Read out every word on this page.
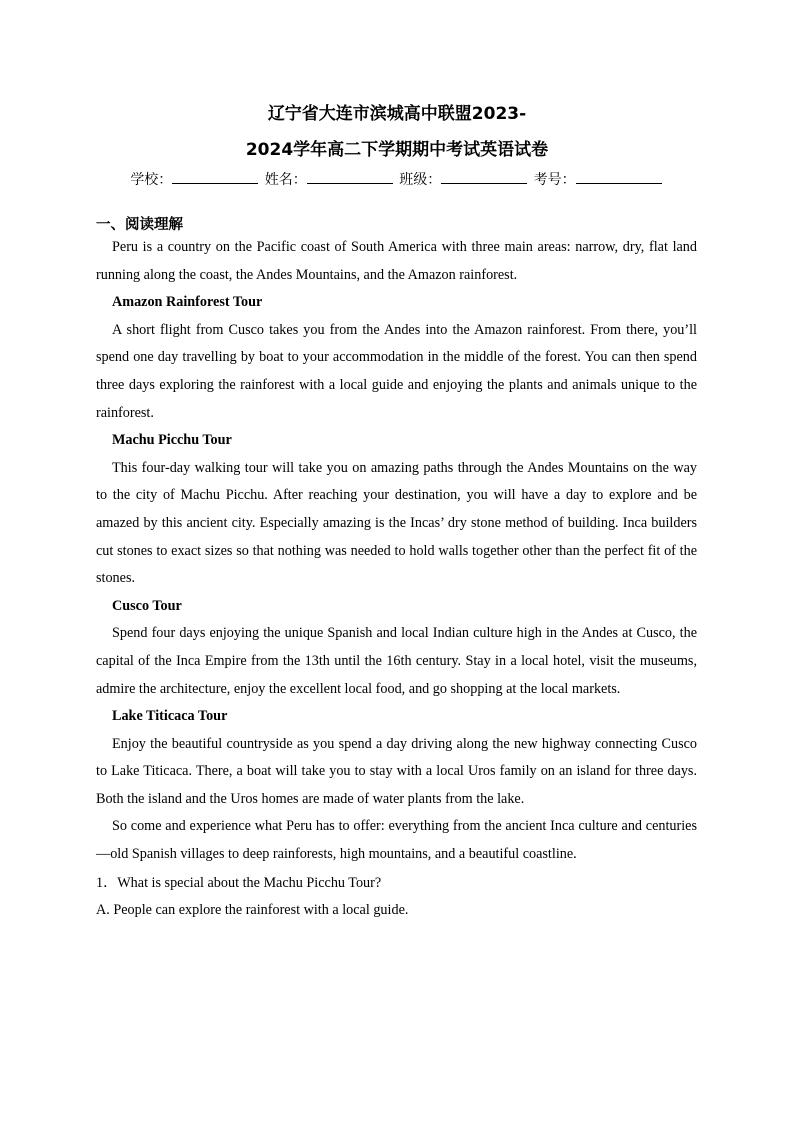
辽宁省大连市滨城高中联盟2023-
2024学年高二下学期期中考试英语试卷
学校：	姓名：	班级：	考号：
一、阅读理解

Peru is a country on the Pacific coast of South America with three main areas: narrow, dry, flat land running along the coast, the Andes Mountains, and the Amazon rainforest.

Amazon Rainforest Tour

A short flight from Cusco takes you from the Andes into the Amazon rainforest. From there, you’ll spend one day travelling by boat to your accommodation in the middle of the forest. You can then spend three days exploring the rainforest with a local guide and enjoying the plants and animals unique to the rainforest.

Machu Picchu Tour

This four-day walking tour will take you on amazing paths through the Andes Mountains on the way to the city of Machu Picchu. After reaching your destination, you will have a day to explore and be amazed by this ancient city. Especially amazing is the Incas’ dry stone method of building. Inca builders cut stones to exact sizes so that nothing was needed to hold walls together other than the perfect fit of the stones.

Cusco Tour

Spend four days enjoying the unique Spanish and local Indian culture high in the Andes at Cusco, the capital of the Inca Empire from the 13th until the 16th century. Stay in a local hotel, visit the museums, admire the architecture, enjoy the excellent local food, and go shopping at the local markets.

Lake Titicaca Tour

Enjoy the beautiful countryside as you spend a day driving along the new highway connecting Cusco to Lake Titicaca. There, a boat will take you to stay with a local Uros family on an island for three days. Both the island and the Uros homes are made of water plants from the lake.

So come and experience what Peru has to offer: everything from the ancient Inca culture and centuries—old Spanish villages to deep rainforests, high mountains, and a beautiful coastline.

1．What is special about the Machu Picchu Tour?

A. People can explore the rainforest with a local guide.
